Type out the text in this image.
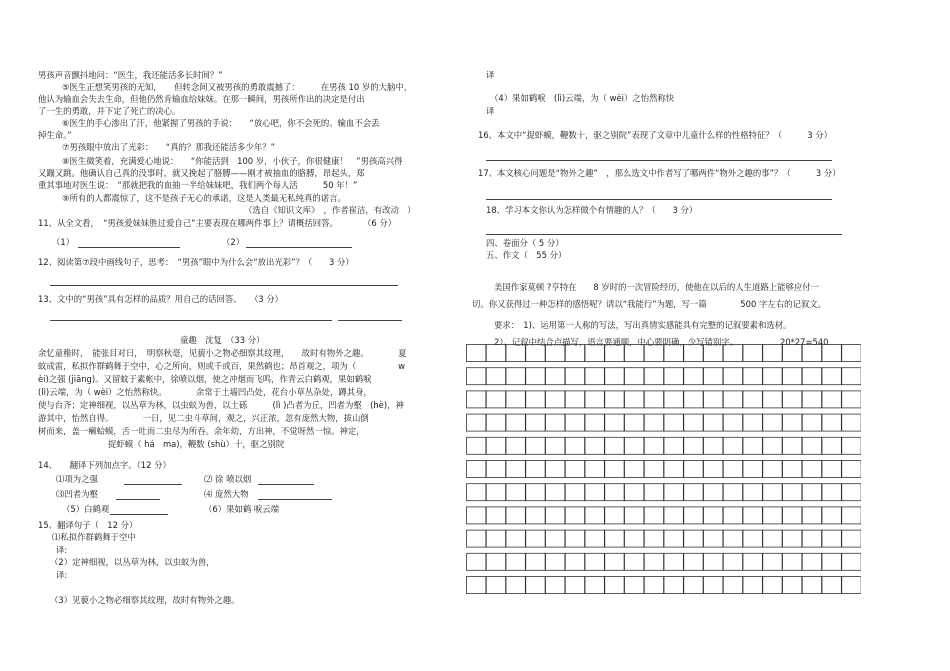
男孩声音颤抖地问：“医生，我还能活多长时间？”
⑤医生正想笑男孩的无知，　　但转念间又被男孩的勇敢震撼了：　　　在男孩 10 岁的大脑中，
他认为输血会失去生命，但他仍然肯输血给妹妹。在那一瞬间，男孩所作出的决定是付出
了一生的勇敢，并下定了死亡的决心。
⑥医生的手心渗出了汗，他紧握了男孩的手说：　　“放心吧，你不会死的。输血不会丢
掉生命。”
⑦男孩眼中放出了光彩：　　“真的？那我还能活多少年？”
⑧医生微笑着，充满爱心地说：　　“你能活到　100 岁，小伙子，你很健康！　”男孩高兴得
又蹦又跳。他确认自己真的没事时，就又挽起了胳膊——刚才被抽血的胳膊，昂起头，郑
重其事地对医生说：　“那就把我的血抽一半给妹妹吧，我们两个每人活　　　50 年！”
⑨所有的人都震惊了，这不是孩子无心的承诺，这是人类最无私纯真的诺言。
（选自《知识文库》　，作者崔洁，有改动　）
11、从全文看，　“男孩爱妹妹胜过爱自己”主要表现在哪两件事上？请概括回答。　　　　（6 分）
（1）	（2）
12、阅读第⑦段中画线句子，思考：　“男孩”眼中为什么会“放出光彩”？（　　3 分）
13、文中的“男孩”具有怎样的品质？用自己的话回答。　　（3 分）
童趣　沈复　（33 分）
余忆童稚时，　能张目对日，　明察秋毫，见藐小之物必细察其纹理，　　故时有物外之趣。　　　　夏
蚊成雷，私拟作群鹤舞于空中，心之所向，则或千或百，果然鹤也；昂首观之，项为（　　　　　w
èi)之强 (jiāng)。又留蚊于素帐中，徐喷以烟，使之冲烟而飞鸣，作青云白鹤观，果如鹤唳
(lì)云端，为（ wèi）之怡然称快。　　　　余常于土墙凹凸处，花台小草丛杂处，蹲其身，
使与台齐；定神细视，以丛草为林，以虫蚁为兽，以土砾　　　(lì )凸者为丘，凹者为壑　(hè)，神
游其中，怡然自得。　　　　一日，见二虫斗草间，观之，兴正浓，忽有庞然大物，拔山倒
树而来，盖一癞蛤蟆，舌一吐而二虫尽为所吞。余年幼，方出神，不觉呀然一惊。神定，
捉虾蟆（ há　ma)，鞭数 (shù）十，驱之别院
14、　　翻译下列加点字。（12 分）
⑴项为之强	⑵ 徐 喷以烟
⑶凹者为壑	⑷ 庞然大物
（5）白鹤观	（6）果如鹤 唳云端
15、翻译句子（　12 分）
⑴私拟作群鹤舞于空中
译:
（2）定神细视，以丛草为林，以虫蚁为兽，
译:
（3）见藐小之物必细察其纹理，故时有物外之趣。
译
（4）果如鹤唳　(lì)云端，为（ wèi）之怡然称快
译
16、本文中“捉虾蟆，鞭数十，驱之别院”表现了文章中儿童什么样的性格特征？（　　　3 分）
17、本文核心问题是“物外之趣”　，那么选文中作者写了哪两件“物外之趣的事”？（　　　3 分）
18、学习本文你认为怎样做个有情趣的人？（　　3 分）
四、卷面分（ 5 分）
五、作文（　55 分）
美国作家莫顿 ?亨特在　　8 岁时的一次冒险经历，使他在以后的人生道路上能够应付一
切。你又获得过一种怎样的感悟呢？请以“我能行”为题，写一篇　　　　500 字左右的记叙文。
要求：　1)、运用第一人称的写法，写出真情实感能具有完整的记叙要素和选材。
2）、记叙中结合点描写，语言要通顺，中心要明确，少写错别字。	20*27=540
